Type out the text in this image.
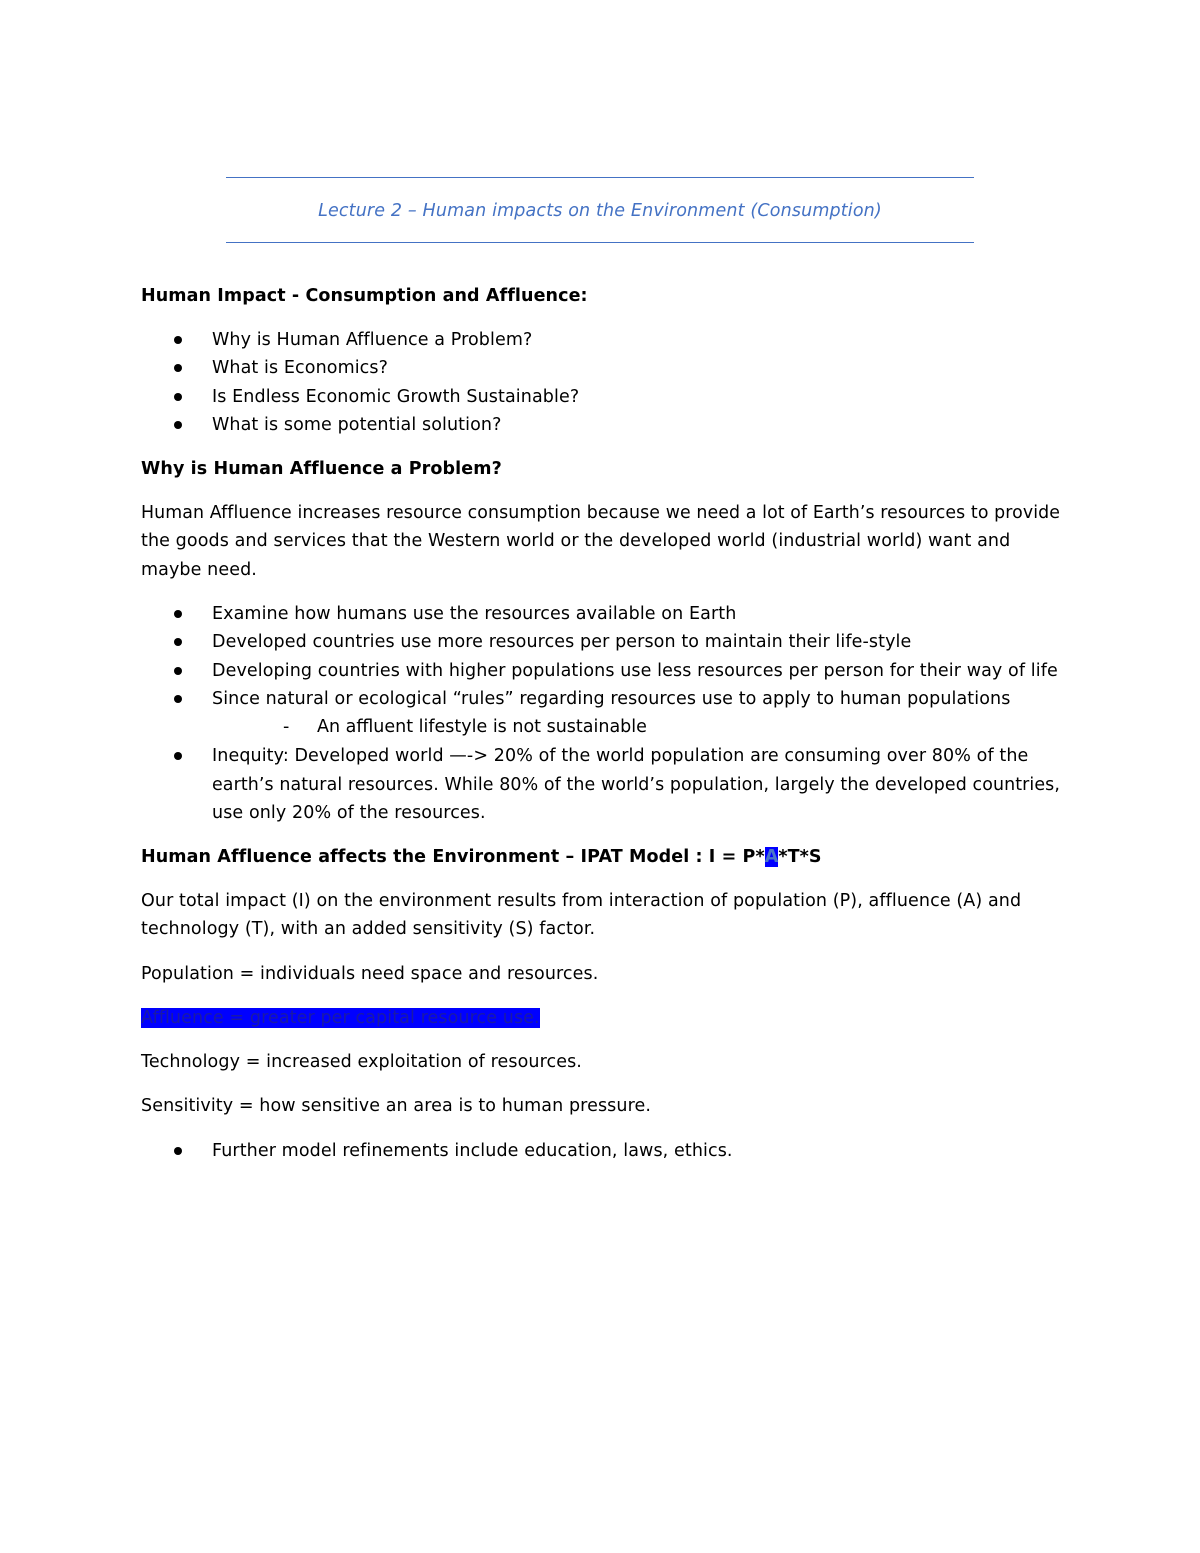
Lecture 2 – Human impacts on the Environment (Consumption)
Human Impact - Consumption and Affluence:
Why is Human Affluence a Problem?
What is Economics?
Is Endless Economic Growth Sustainable?
What is some potential solution?
Why is Human Affluence a Problem?
Human Affluence increases resource consumption because we need a lot of Earth’s resources to provide
the goods and services that the Western world or the developed world (industrial world) want and
maybe need.
Examine how humans use the resources available on Earth
Developed countries use more resources per person to maintain their life-style
Developing countries with higher populations use less resources per person for their way of life
Since natural or ecological “rules” regarding resources use to apply to human populations
- An affluent lifestyle is not sustainable
Inequity: Developed world —-> 20% of the world population are consuming over 80% of the
earth’s natural resources. While 80% of the world’s population, largely the developed countries,
use only 20% of the resources.
Human Affluence affects the Environment – IPAT Model : I = P*A*T*S
Our total impact (I) on the environment results from interaction of population (P), affluence (A) and
technology (T), with an added sensitivity (S) factor.
Population = individuals need space and resources.
Affluence = greater per capital resource use.
Technology = increased exploitation of resources.
Sensitivity = how sensitive an area is to human pressure.
Further model refinements include education, laws, ethics.
